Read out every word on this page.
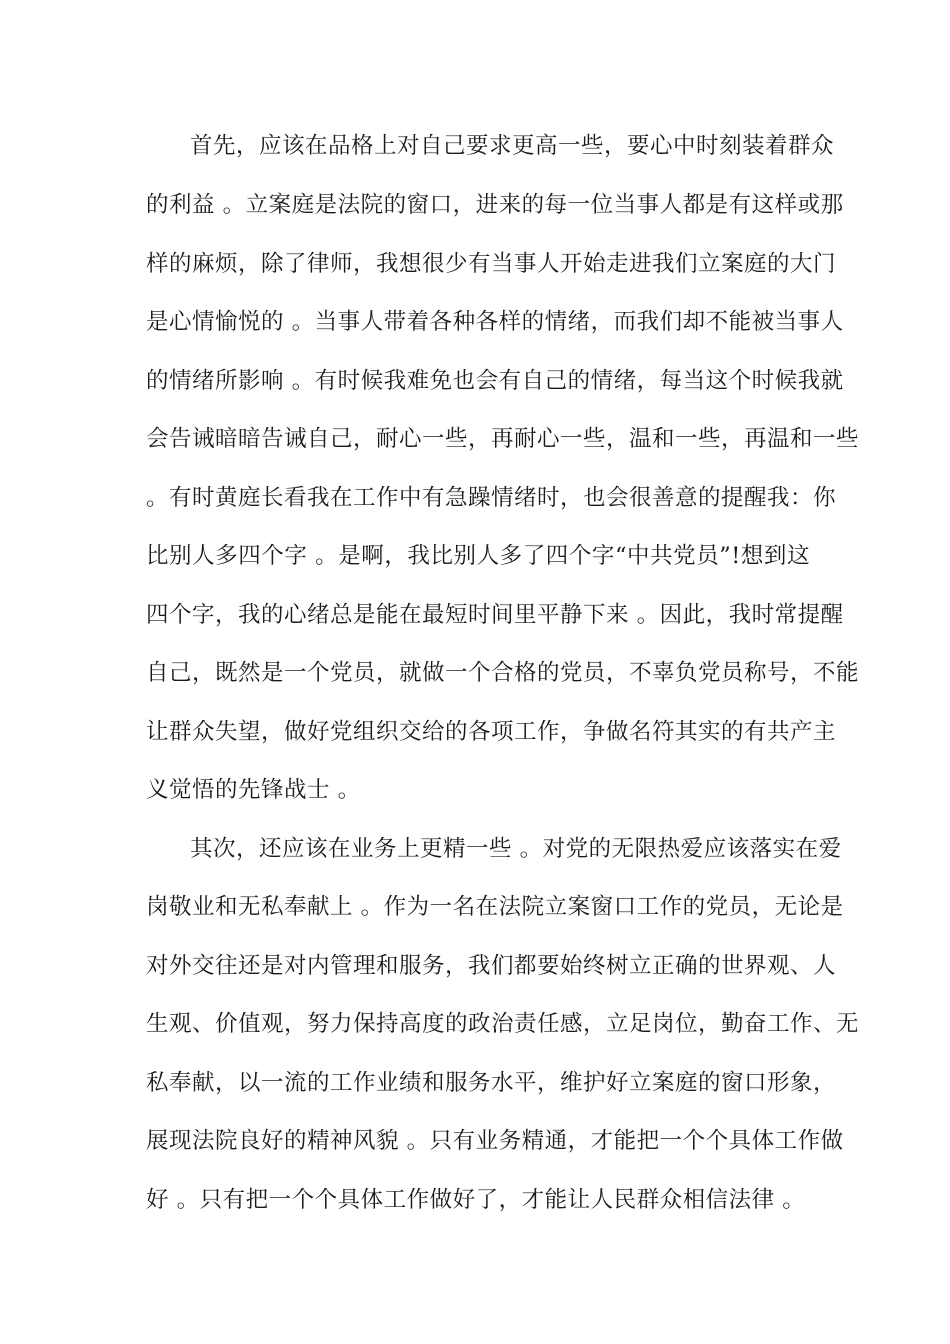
首先，应该在品格上对自己要求更高一些，要心中时刻装着群众
的利益 。立案庭是法院的窗口，进来的每一位当事人都是有这样或那
样的麻烦，除了律师，我想很少有当事人开始走进我们立案庭的大门
是心情愉悦的 。当事人带着各种各样的情绪，而我们却不能被当事人
的情绪所影响 。有时候我难免也会有自己的情绪，每当这个时候我就
会告诫暗暗告诫自己，耐心一些，再耐心一些，温和一些，再温和一些
。有时黄庭长看我在工作中有急躁情绪时，也会很善意的提醒我：你
比别人多四个字 。是啊，我比别人多了四个字“中共党员”!想到这
四个字，我的心绪总是能在最短时间里平静下来 。因此，我时常提醒
自己，既然是一个党员，就做一个合格的党员，不辜负党员称号，不能
让群众失望，做好党组织交给的各项工作，争做名符其实的有共产主
义觉悟的先锋战士 。
其次，还应该在业务上更精一些 。对党的无限热爱应该落实在爱
岗敬业和无私奉献上 。作为一名在法院立案窗口工作的党员，无论是
对外交往还是对内管理和服务，我们都要始终树立正确的世界观、人
生观、价值观，努力保持高度的政治责任感，立足岗位，勤奋工作、无
私奉献，以一流的工作业绩和服务水平，维护好立案庭的窗口形象，
展现法院良好的精神风貌 。只有业务精通，才能把一个个具体工作做
好 。只有把一个个具体工作做好了，才能让人民群众相信法律 。
